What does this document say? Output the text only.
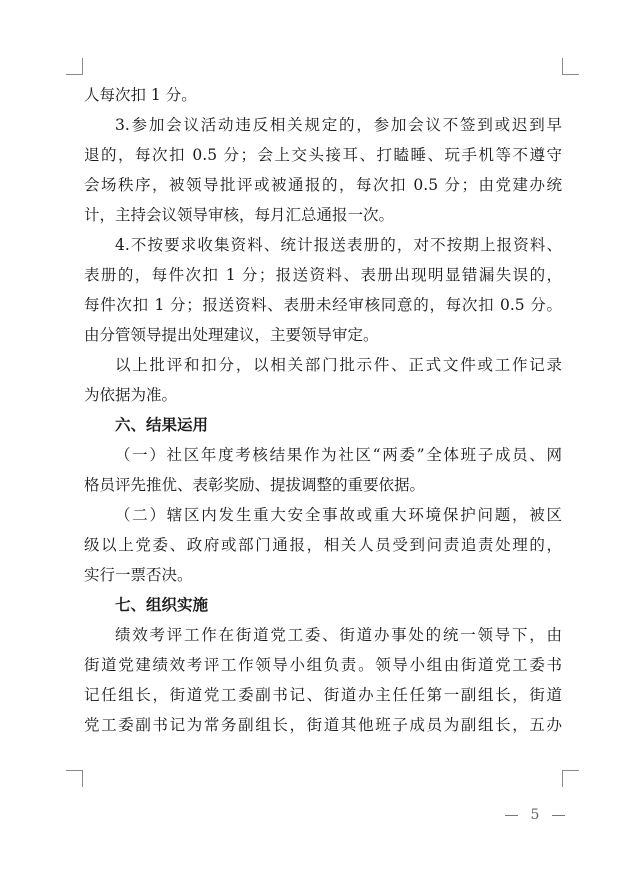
人每次扣 1 分。
3.参加会议活动违反相关规定的，参加会议不签到或迟到早
退的，每次扣 0.5 分；会上交头接耳、打瞌睡、玩手机等不遵守
会场秩序，被领导批评或被通报的，每次扣 0.5 分；由党建办统
计，主持会议领导审核，每月汇总通报一次。
4.不按要求收集资料、统计报送表册的，对不按期上报资料、
表册的，每件次扣 1 分；报送资料、表册出现明显错漏失误的，
每件次扣 1 分；报送资料、表册未经审核同意的，每次扣 0.5 分。
由分管领导提出处理建议，主要领导审定。
以上批评和扣分，以相关部门批示件、正式文件或工作记录
为依据为准。
六、结果运用
（一）社区年度考核结果作为社区“两委”全体班子成员、网
格员评先推优、表彰奖励、提拔调整的重要依据。
（二）辖区内发生重大安全事故或重大环境保护问题，被区
级以上党委、政府或部门通报，相关人员受到问责追责处理的，
实行一票否决。
七、组织实施
绩效考评工作在街道党工委、街道办事处的统一领导下，由
街道党建绩效考评工作领导小组负责。领导小组由街道党工委书
记任组长，街道党工委副书记、街道办主任任第一副组长，街道
党工委副书记为常务副组长，街道其他班子成员为副组长，五办
5
